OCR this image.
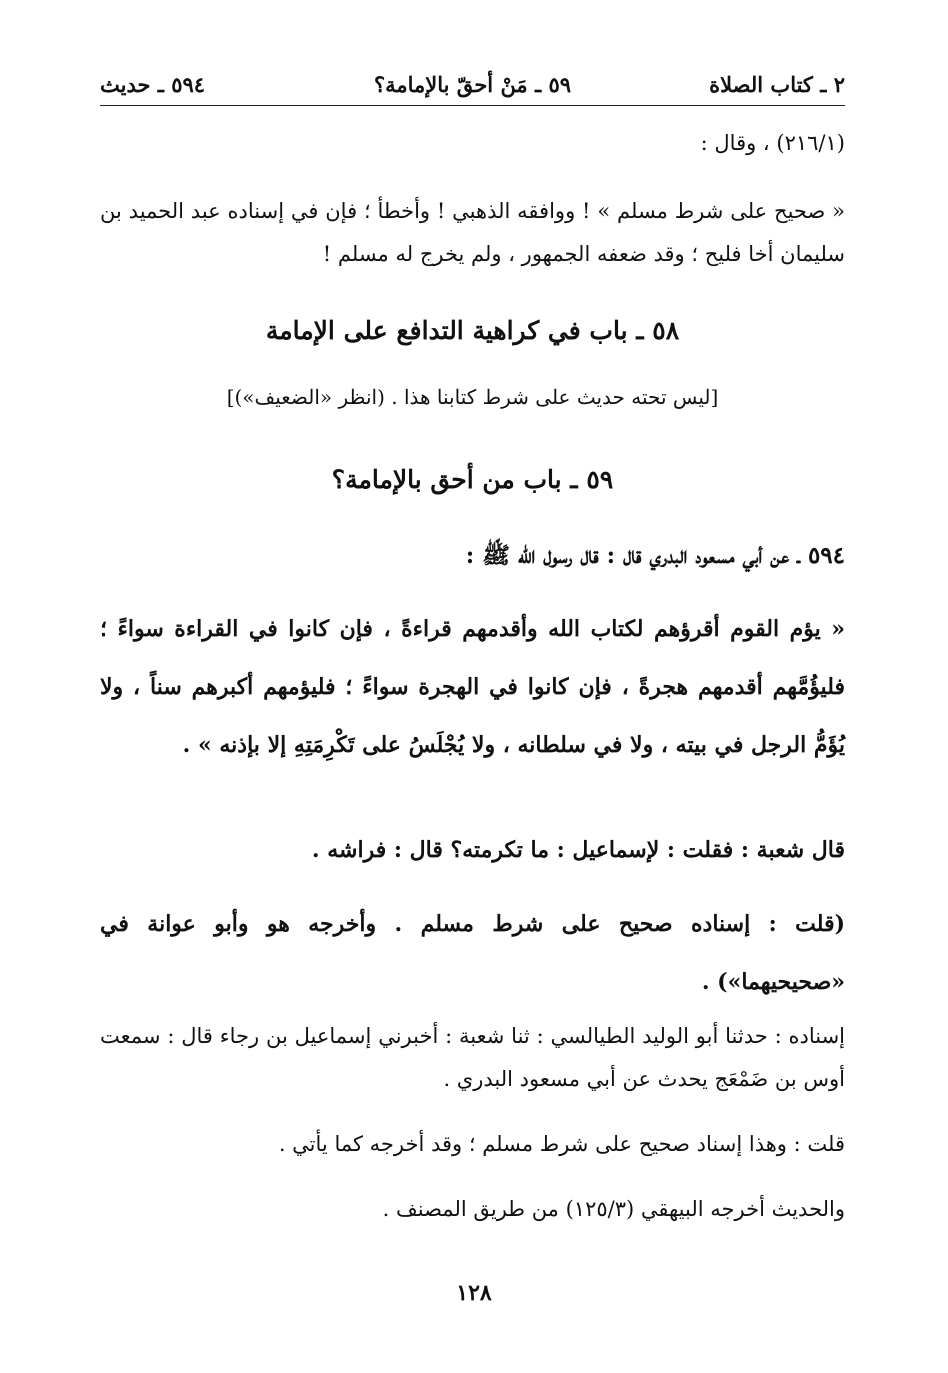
٢ ـ كتاب الصلاة
٥٩ ـ مَنْ أحقّ بالإمامة؟
٥٩٤ ـ حديث
(٢١٦/١) ، وقال :
« صحيح على شرط مسلم » ! ووافقه الذهبي ! وأخطأ ؛ فإن في إسناده عبد الحميد بن سليمان أخا فليح ؛ وقد ضعفه الجمهور ، ولم يخرج له مسلم !
٥٨ ـ باب في كراهية التدافع على الإمامة
[ليس تحته حديث على شرط كتابنا هذا . (انظر «الضعيف»)]
٥٩ ـ باب من أحق بالإمامة؟
٥٩٤ ـ عن أبي مسعود البدري قال : قال رسول الله ﷺ :
« يؤم القوم أقرؤهم لكتاب الله وأقدمهم قراءةً ، فإن كانوا في القراءة سواءً ؛ فليؤُمَّهم أقدمهم هجرةً ، فإن كانوا في الهجرة سواءً ؛ فليؤمهم أكبرهم سناً ، ولا يُؤَمُّ الرجل في بيته ، ولا في سلطانه ، ولا يُجْلَسُ على تَكْرِمَتِهِ إلا بإذنه » .
قال شعبة : فقلت : لإسماعيل : ما تكرمته؟ قال : فراشه .
(قلت : إسناده صحيح على شرط مسلم . وأخرجه هو وأبو عوانة في «صحيحيهما») .
إسناده : حدثنا أبو الوليد الطيالسي : ثنا شعبة : أخبرني إسماعيل بن رجاء قال : سمعت أوس بن ضَمْعَج يحدث عن أبي مسعود البدري .
قلت : وهذا إسناد صحيح على شرط مسلم ؛ وقد أخرجه كما يأتي .
والحديث أخرجه البيهقي (١٢٥/٣) من طريق المصنف .
١٢٨
